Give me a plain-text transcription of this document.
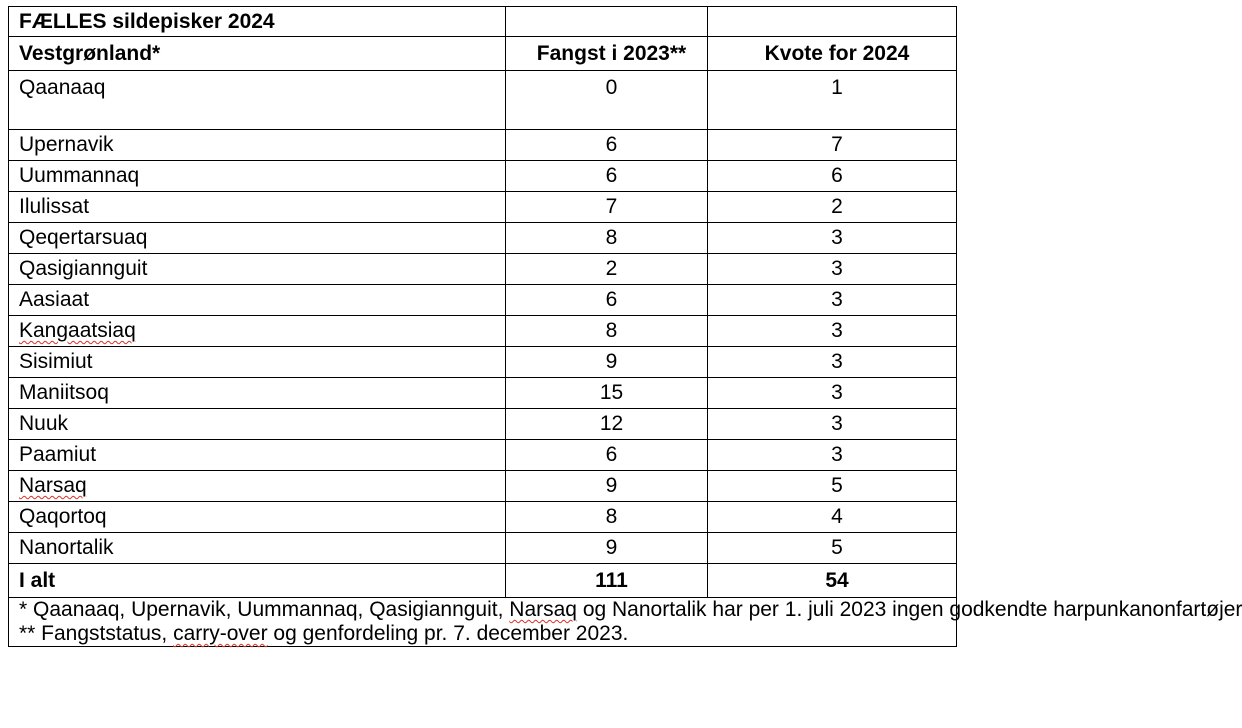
FÆLLES sildepisker 2024		
Vestgrønland*	Fangst i 2023**	Kvote for 2024
Qaanaaq	0	1
Upernavik	6	7
Uummannaq	6	6
Ilulissat	7	2
Qeqertarsuaq	8	3
Qasigiannguit	2	3
Aasiaat	6	3
Kangaatsiaq	8	3
Sisimiut	9	3
Maniitsoq	15	3
Nuuk	12	3
Paamiut	6	3
Narsaq	9	5
Qaqortoq	8	4
Nanortalik	9	5
I alt	111	54

* Qaanaaq, Upernavik, Uummannaq, Qasigiannguit, Narsaq og Nanortalik har per 1. juli 2023 ingen godkendte harpunkanonfartøjer
** Fangststatus, carry-over og genfordeling pr. 7. december 2023.		
